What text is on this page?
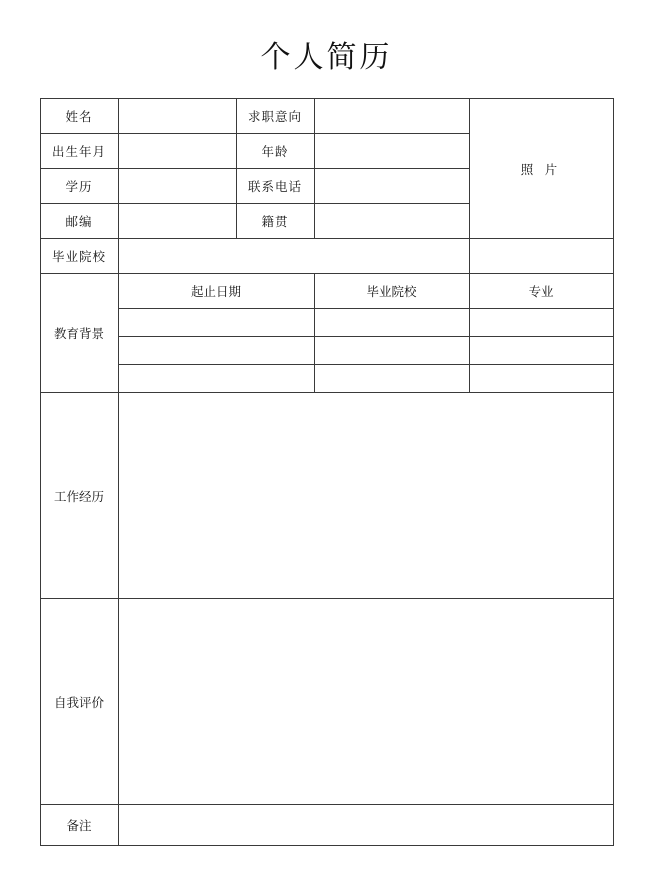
个人简历
姓名		求职意向		照 片
出生年月		年龄		
学历		联系电话		
邮编		籍贯		
毕业院校				
教育背景	起止日期		毕业院校	专业

工作经历				
自我评价				
备注				
